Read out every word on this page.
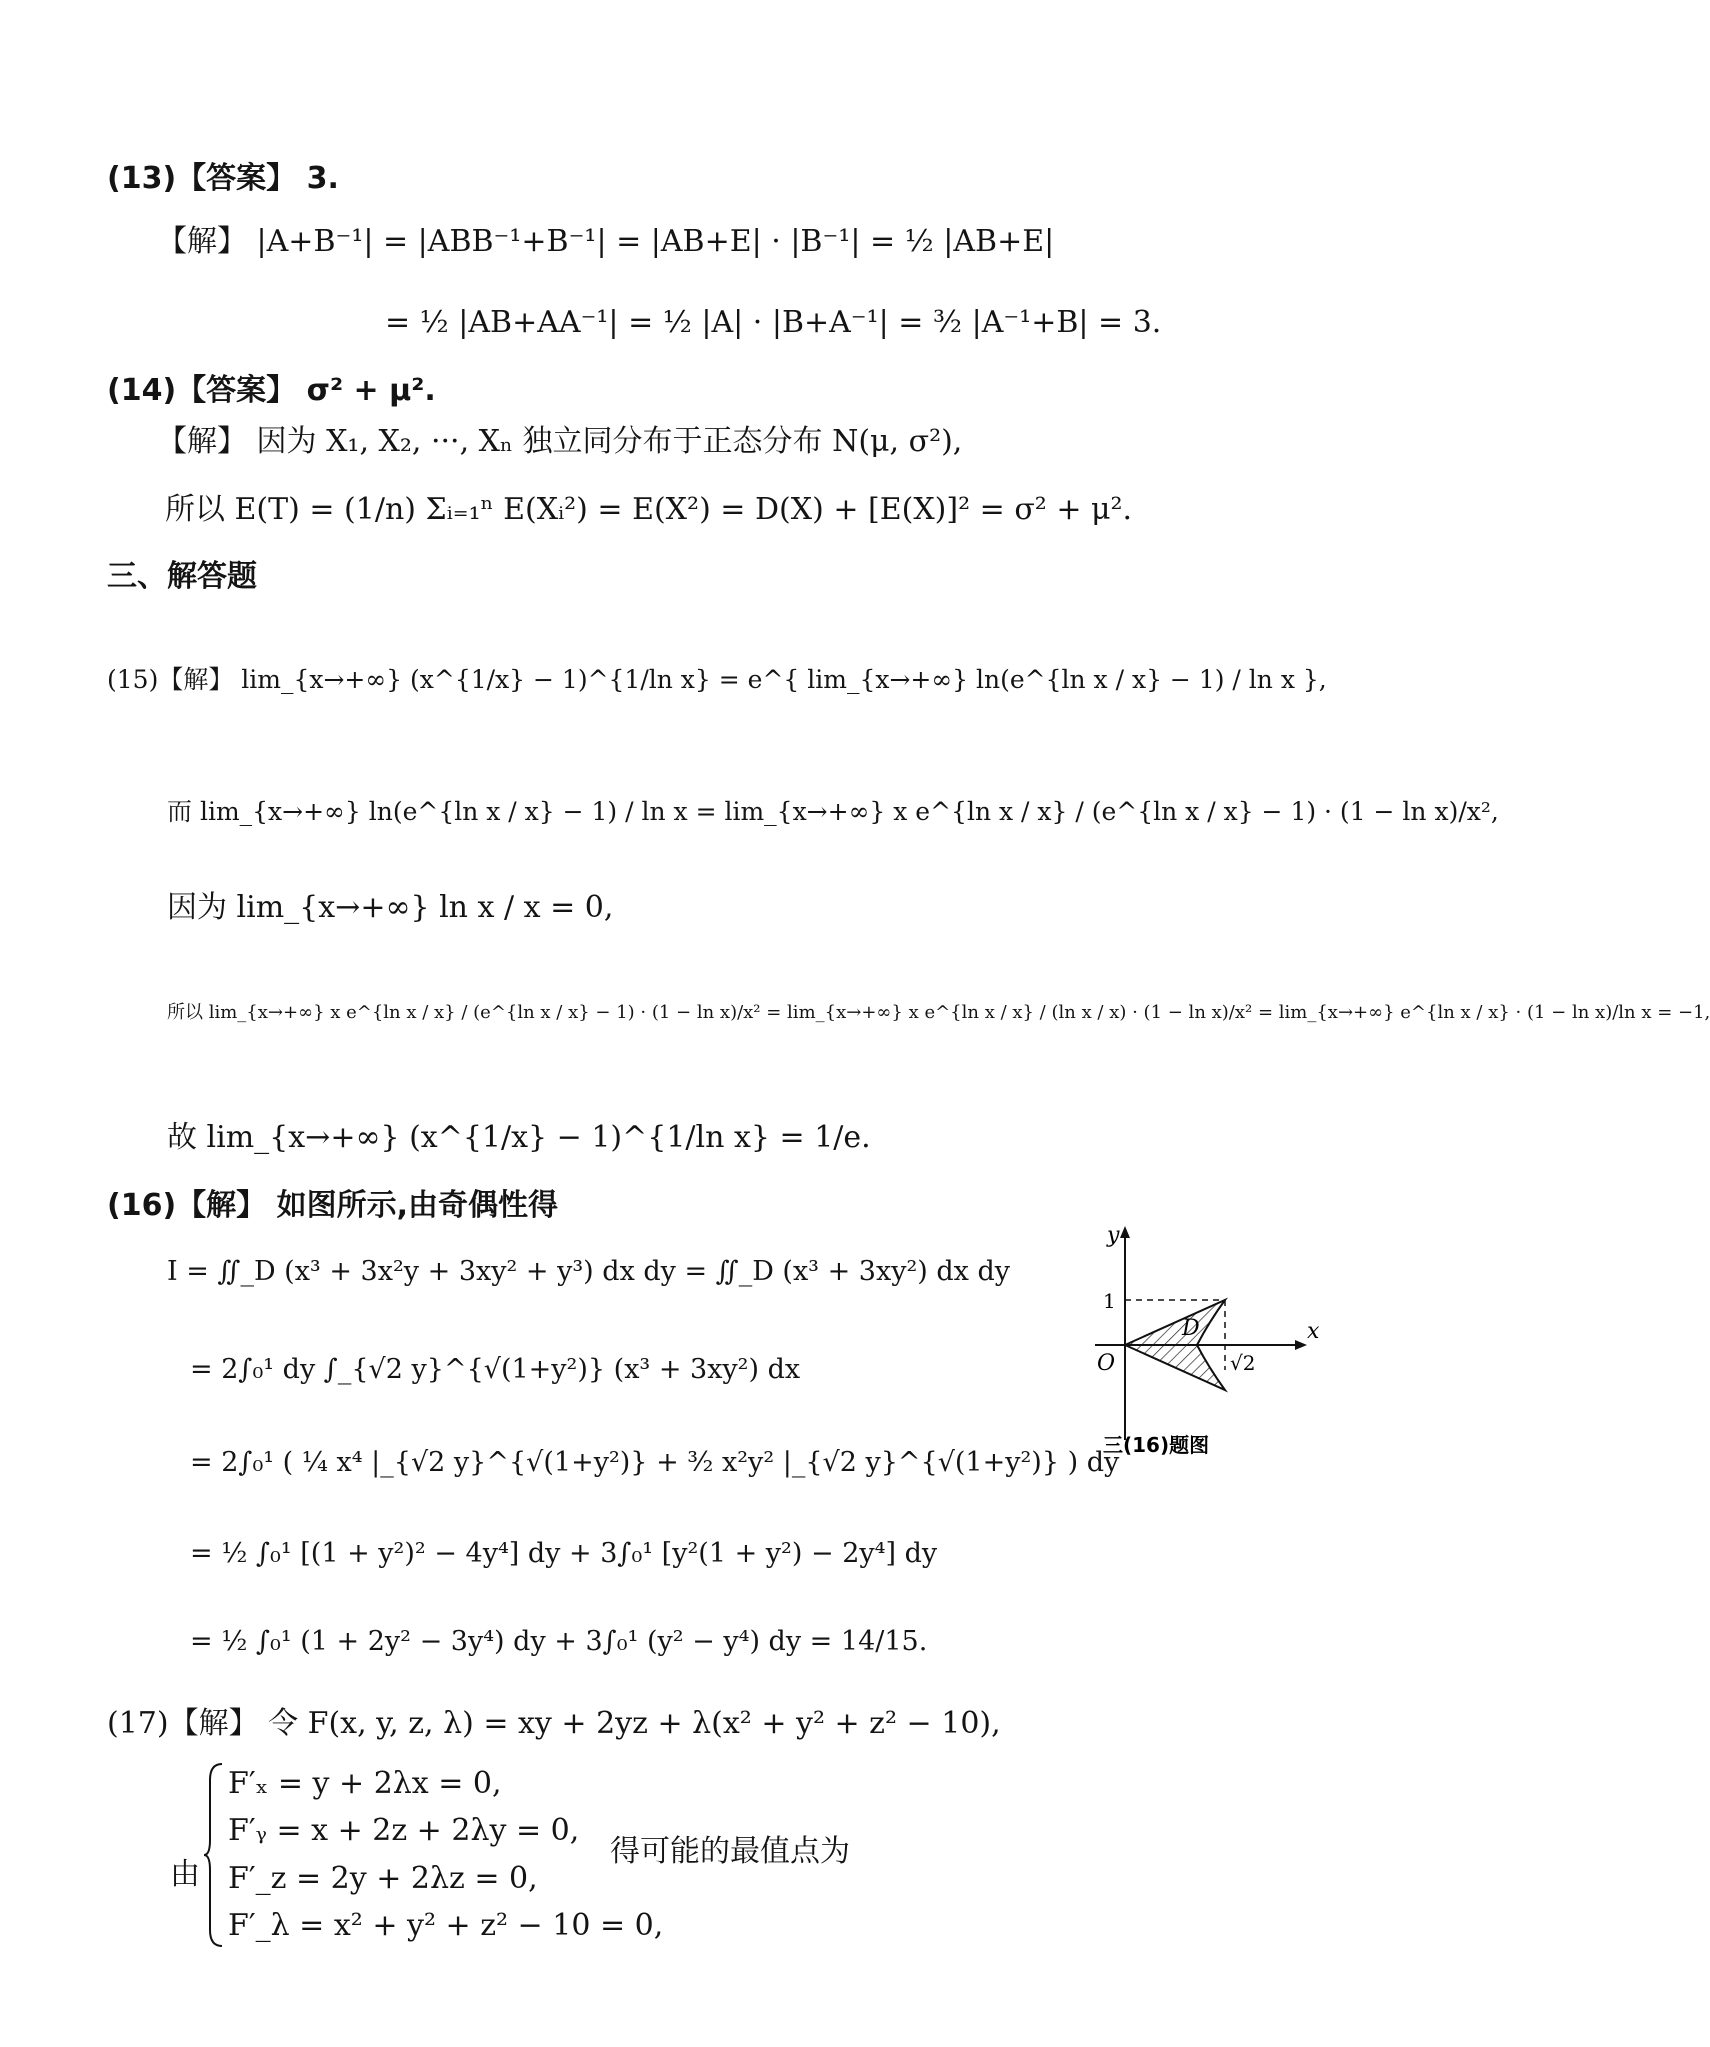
(13)【答案】 3.
【解】 |A+B⁻¹| = |ABB⁻¹+B⁻¹| = |AB+E| · |B⁻¹| = ½ |AB+E|
= ½ |AB+AA⁻¹| = ½ |A| · |B+A⁻¹| = ³⁄₂ |A⁻¹+B| = 3.
(14)【答案】 σ² + μ².
【解】 因为 X₁, X₂, ···, Xₙ 独立同分布于正态分布 N(μ, σ²),
所以 E(T) = (1/n) Σᵢ₌₁ⁿ E(Xᵢ²) = E(X²) = D(X) + [E(X)]² = σ² + μ².
三、解答题
(15)【解】 lim_{x→+∞} (x^{1/x} − 1)^{1/ln x} = e^{ lim_{x→+∞} ln(e^{ln x / x} − 1) / ln x },
而 lim_{x→+∞} ln(e^{ln x / x} − 1) / ln x = lim_{x→+∞} x e^{ln x / x} / (e^{ln x / x} − 1) · (1 − ln x)/x²,
因为 lim_{x→+∞} ln x / x = 0,
所以 lim_{x→+∞} x e^{ln x / x} / (e^{ln x / x} − 1) · (1 − ln x)/x² = lim_{x→+∞} x e^{ln x / x} / (ln x / x) · (1 − ln x)/x² = lim_{x→+∞} e^{ln x / x} · (1 − ln x)/ln x = −1,
故 lim_{x→+∞} (x^{1/x} − 1)^{1/ln x} = 1/e.
(16)【解】 如图所示,由奇偶性得
I = ∬_D (x³ + 3x²y + 3xy² + y³) dx dy = ∬_D (x³ + 3xy²) dx dy
= 2∫₀¹ dy ∫_{√2 y}^{√(1+y²)} (x³ + 3xy²) dx
= 2∫₀¹ ( ¼ x⁴ |_{√2 y}^{√(1+y²)} + ³⁄₂ x²y² |_{√2 y}^{√(1+y²)} ) dy
= ½ ∫₀¹ [(1 + y²)² − 4y⁴] dy + 3∫₀¹ [y²(1 + y²) − 2y⁴] dy
= ½ ∫₀¹ (1 + 2y² − 3y⁴) dy + 3∫₀¹ (y² − y⁴) dy = 14/15.
y
x
O
1
D
√2
三(16)题图
(17)【解】 令 F(x, y, z, λ) = xy + 2yz + λ(x² + y² + z² − 10),
由
F′ₓ = y + 2λx = 0,
F′ᵧ = x + 2z + 2λy = 0,
F′_z = 2y + 2λz = 0,
F′_λ = x² + y² + z² − 10 = 0,
得可能的最值点为
